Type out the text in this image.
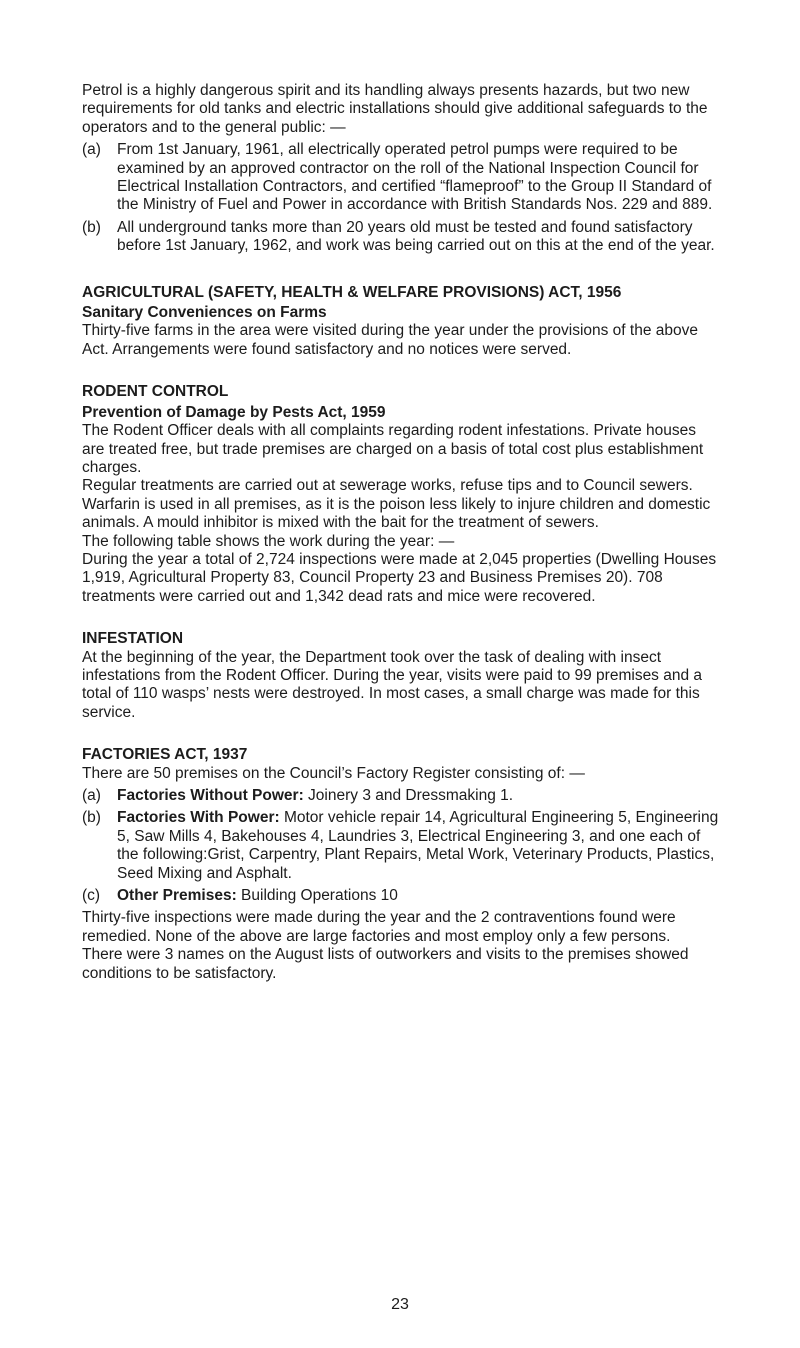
Petrol is a highly dangerous spirit and its handling always presents hazards, but two new requirements for old tanks and electric installations should give additional safeguards to the operators and to the general public: —

(a)	From 1st January, 1961, all electrically operated petrol pumps were required to be examined by an approved contractor on the roll of the National Inspection Council for Electrical Installation Contractors, and certified “flameproof” to the Group II Standard of the Ministry of Fuel and Power in accordance with British Standards Nos. 229 and 889.
(b)	All underground tanks more than 20 years old must be tested and found satisfactory before 1st January, 1962, and work was being carried out on this at the end of the year.

AGRICULTURAL (SAFETY, HEALTH & WELFARE PROVISIONS) ACT, 1956

Sanitary Conveniences on Farms

Thirty-five farms in the area were visited during the year under the provisions of the above Act. Arrangements were found satisfactory and no notices were served.

RODENT CONTROL

Prevention of Damage by Pests Act, 1959

The Rodent Officer deals with all complaints regarding rodent infestations. Private houses are treated free, but trade premises are charged on a basis of total cost plus establishment charges.

Regular treatments are carried out at sewerage works, refuse tips and to Council sewers. Warfarin is used in all premises, as it is the poison less likely to injure children and domestic animals. A mould inhibitor is mixed with the bait for the treatment of sewers.

The following table shows the work during the year: —

During the year a total of 2,724 inspections were made at 2,045 properties (Dwelling Houses 1,919, Agricultural Property 83, Council Property 23 and Business Premises 20). 708 treatments were carried out and 1,342 dead rats and mice were recovered.

INFESTATION

At the beginning of the year, the Department took over the task of dealing with insect infestations from the Rodent Officer. During the year, visits were paid to 99 premises and a total of 110 wasps’ nests were destroyed. In most cases, a small charge was made for this service.

FACTORIES ACT, 1937

There are 50 premises on the Council’s Factory Register consisting of: —

(a)	Factories Without Power: Joinery 3 and Dressmaking 1.
(b)	Factories With Power: Motor vehicle repair 14, Agricultural Engineering 5, Engineering 5, Saw Mills 4, Bakehouses 4, Laundries 3, Electrical Engineering 3, and one each of the following:Grist, Carpentry, Plant Repairs, Metal Work, Veterinary Products, Plastics, Seed Mixing and Asphalt.
(c)	Other Premises: Building Operations 10

Thirty-five inspections were made during the year and the 2 contraventions found were remedied. None of the above are large factories and most employ only a few persons.

There were 3 names on the August lists of outworkers and visits to the premises showed conditions to be satisfactory.

23
